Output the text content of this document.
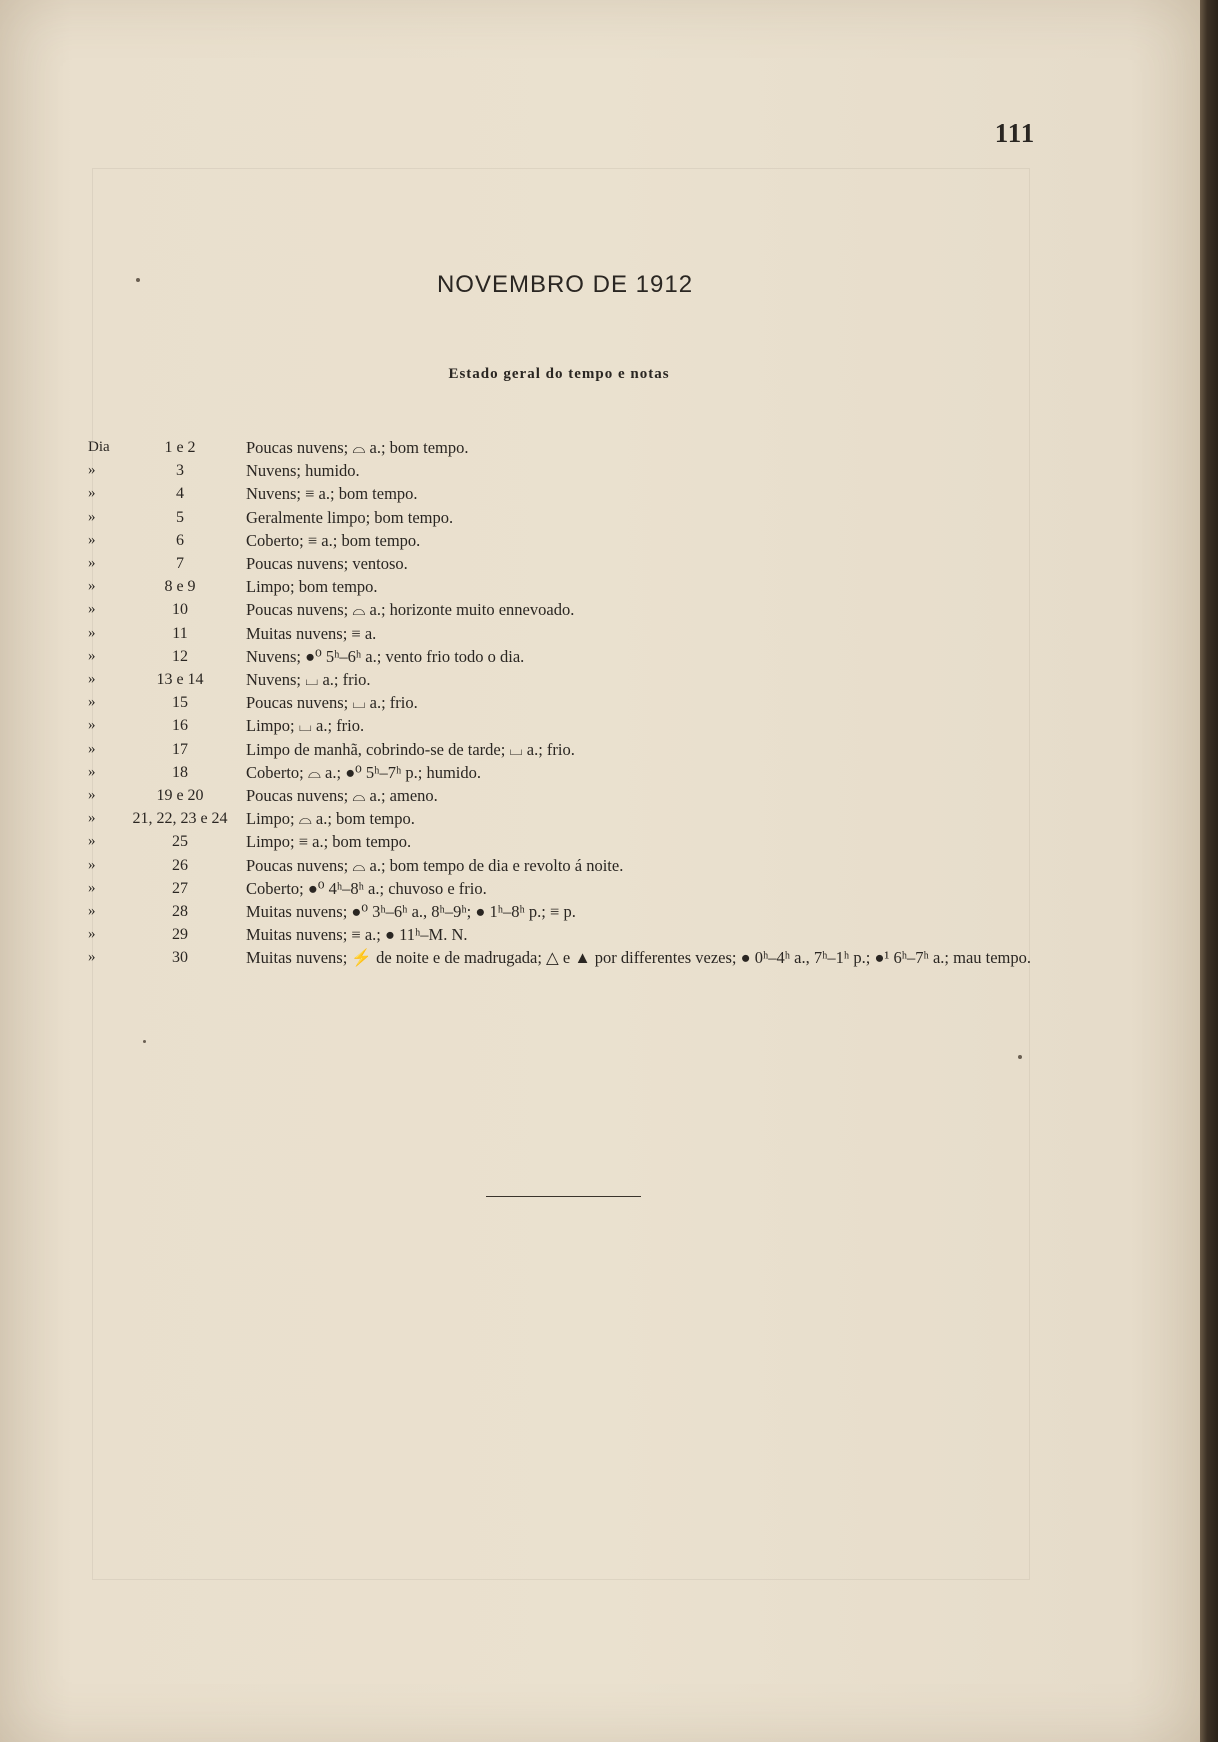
111
NOVEMBRO DE 1912
Estado geral do tempo e notas
Dia	1 e 2	Poucas nuvens; ⌓ a.; bom tempo.
»	3	Nuvens; humido.
»	4	Nuvens; ≡ a.; bom tempo.
»	5	Geralmente limpo; bom tempo.
»	6	Coberto; ≡ a.; bom tempo.
»	7	Poucas nuvens; ventoso.
»	8 e 9	Limpo; bom tempo.
»	10	Poucas nuvens; ⌓ a.; horizonte muito ennevoado.
»	11	Muitas nuvens; ≡ a.
»	12	Nuvens; ●⁰ 5ʰ–6ʰ a.; vento frio todo o dia.
»	13 e 14	Nuvens; ⌴ a.; frio.
»	15	Poucas nuvens; ⌴ a.; frio.
»	16	Limpo; ⌴ a.; frio.
»	17	Limpo de manhã, cobrindo-se de tarde; ⌴ a.; frio.
»	18	Coberto; ⌓ a.; ●⁰ 5ʰ–7ʰ p.; humido.
»	19 e 20	Poucas nuvens; ⌓ a.; ameno.
»	21, 22, 23 e 24	Limpo; ⌓ a.; bom tempo.
»	25	Limpo; ≡ a.; bom tempo.
»	26	Poucas nuvens; ⌓ a.; bom tempo de dia e revolto á noite.
»	27	Coberto; ●⁰ 4ʰ–8ʰ a.; chuvoso e frio.
»	28	Muitas nuvens; ●⁰ 3ʰ–6ʰ a., 8ʰ–9ʰ; ● 1ʰ–8ʰ p.; ≡ p.
»	29	Muitas nuvens; ≡ a.; ● 11ʰ–M. N.
»	30	Muitas nuvens; ⚡ de noite e de madrugada; △ e ▲ por differentes vezes; ● 0ʰ–4ʰ a., 7ʰ–1ʰ p.; ●¹ 6ʰ–7ʰ a.; mau tempo.
